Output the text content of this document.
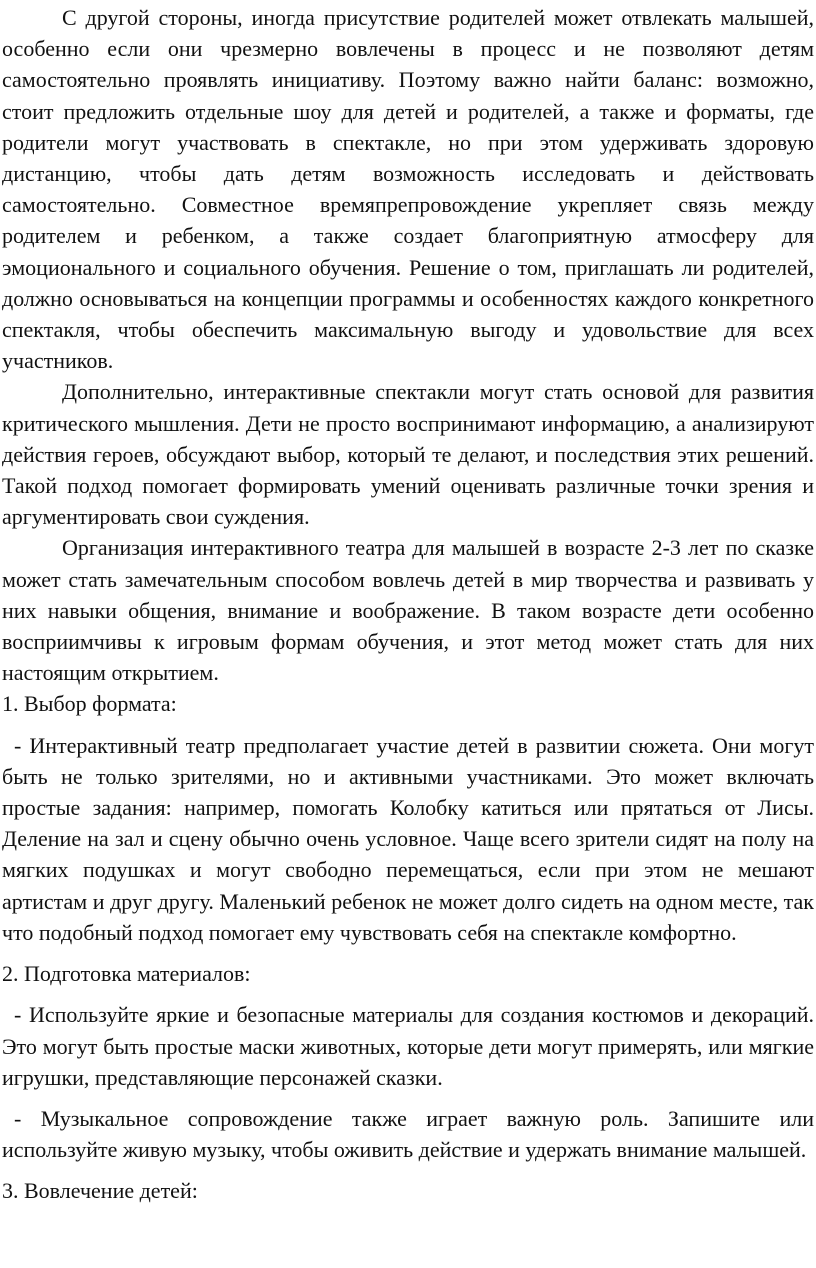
С другой стороны, иногда присутствие родителей может отвлекать малышей, особенно если они чрезмерно вовлечены в процесс и не позволяют детям самостоятельно проявлять инициативу. Поэтому важно найти баланс: возможно, стоит предложить отдельные шоу для детей и родителей, а также и форматы, где родители могут участвовать в спектакле, но при этом удерживать здоровую дистанцию, чтобы дать детям возможность исследовать и действовать самостоятельно. Совместное времяпрепровождение укрепляет связь между родителем и ребенком, а также создает благоприятную атмосферу для эмоционального и социального обучения. Решение о том, приглашать ли родителей, должно основываться на концепции программы и особенностях каждого конкретного спектакля, чтобы обеспечить максимальную выгоду и удовольствие для всех участников.

Дополнительно, интерактивные спектакли могут стать основой для развития критического мышления. Дети не просто воспринимают информацию, а анализируют действия героев, обсуждают выбор, который те делают, и последствия этих решений. Такой подход помогает формировать умений оценивать различные точки зрения и аргументировать свои суждения.

Организация интерактивного театра для малышей в возрасте 2-3 лет по сказке может стать замечательным способом вовлечь детей в мир творчества и развивать у них навыки общения, внимание и воображение. В таком возрасте дети особенно восприимчивы к игровым формам обучения, и этот метод может стать для них настоящим открытием.

1. Выбор формата:

- Интерактивный театр предполагает участие детей в развитии сюжета. Они могут быть не только зрителями, но и активными участниками. Это может включать простые задания: например, помогать Колобку катиться или прятаться от Лисы. Деление на зал и сцену обычно очень условное. Чаще всего зрители сидят на полу на мягких подушках и могут свободно перемещаться, если при этом не мешают артистам и друг другу. Маленький ребенок не может долго сидеть на одном месте, так что подобный подход помогает ему чувствовать себя на спектакле комфортно.

2. Подготовка материалов:

- Используйте яркие и безопасные материалы для создания костюмов и декораций. Это могут быть простые маски животных, которые дети могут примерять, или мягкие игрушки, представляющие персонажей сказки.

- Музыкальное сопровождение также играет важную роль. Запишите или используйте живую музыку, чтобы оживить действие и удержать внимание малышей.

3. Вовлечение детей:
